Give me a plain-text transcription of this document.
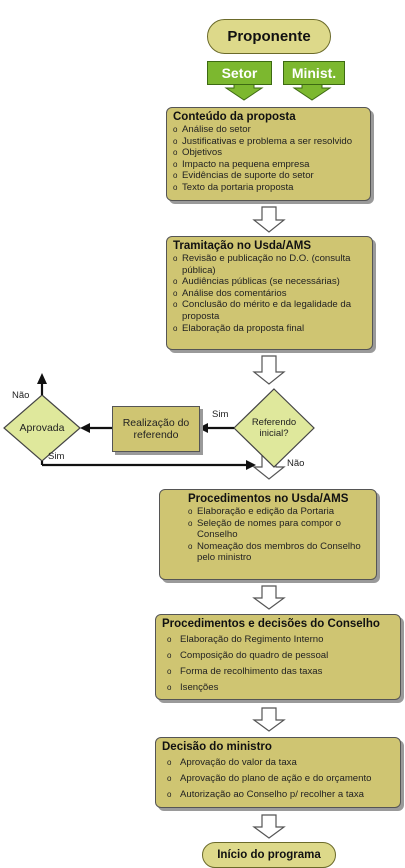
Proponente
Setor Minist.
Conteúdo da proposta
o Análise do setor
o Justificativas e problema a ser resolvido
o Objetivos
o Impacto na pequena empresa
o Evidências de suporte do setor
o Texto da portaria proposta
Tramitação no Usda/AMS
o Revisão e publicação no D.O. (consulta pública)
o Audiências públicas (se necessárias)
o Análise dos comentários
o Conclusão do mérito e da legalidade da proposta
o Elaboração da proposta final
Referendo inicial?
Sim
Não
Realização do referendo
Aprovada
Não
Sim
Procedimentos no Usda/AMS
o Elaboração e edição da Portaria
o Seleção de nomes para compor o Conselho
o Nomeação dos membros do Conselho pelo ministro
Procedimentos e decisões do Conselho
o Elaboração do Regimento Interno
o Composição do quadro de pessoal
o Forma de recolhimento das taxas
o Isenções
Decisão do ministro
o Aprovação do valor da taxa
o Aprovação do plano de ação e do orçamento
o Autorização ao Conselho p/ recolher a taxa
Início do programa
